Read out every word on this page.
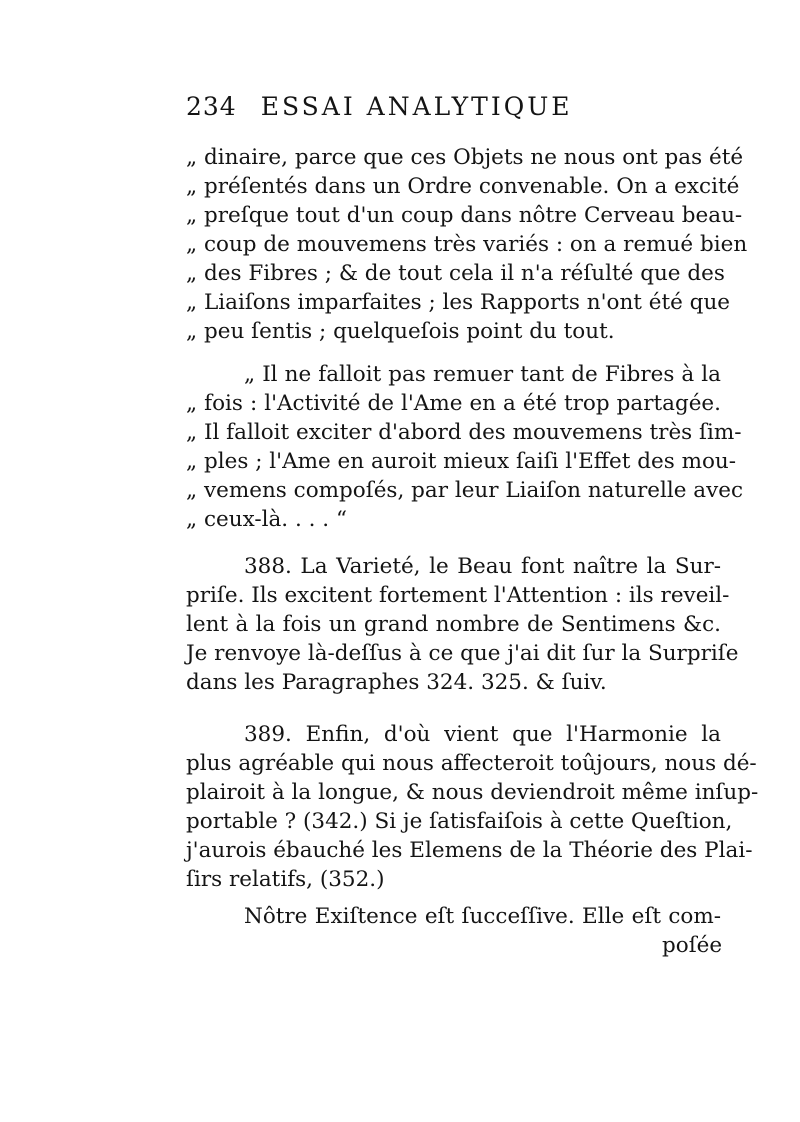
234 ESSAI ANALYTIQUE
„ dinaire, parce que ces Objets ne nous ont pas été
„ préſentés dans un Ordre convenable. On a excité
„ preſque tout d'un coup dans nôtre Cerveau beau-
„ coup de mouvemens très variés : on a remué bien
„ des Fibres ; & de tout cela il n'a réſulté que des
„ Liaiſons imparfaites ; les Rapports n'ont été que
„ peu ſentis ; quelqueſois point du tout.
„ Il ne falloit pas remuer tant de Fibres à la
„ fois : l'Activité de l'Ame en a été trop partagée.
„ Il falloit exciter d'abord des mouvemens très ſim-
„ ples ; l'Ame en auroit mieux ſaiſi l'Effet des mou-
„ vemens compoſés, par leur Liaiſon naturelle avec
„ ceux-là. . . . “
388. La Varieté, le Beau font naître la Sur-
priſe. Ils excitent fortement l'Attention : ils reveil-
lent à la fois un grand nombre de Sentimens &c.
Je renvoye là-deſſus à ce que j'ai dit ſur la Surpriſe
dans les Paragraphes 324. 325. & ſuiv.
389. Enfin, d'où vient que l'Harmonie la
plus agréable qui nous affecteroit toûjours, nous dé-
plairoit à la longue, & nous deviendroit même inſup-
portable ? (342.) Si je ſatisfaiſois à cette Queſtion,
j'aurois ébauché les Elemens de la Théorie des Plai-
ſirs relatifs, (352.)
Nôtre Exiſtence eſt ſucceſſive. Elle eſt com-
poſée
